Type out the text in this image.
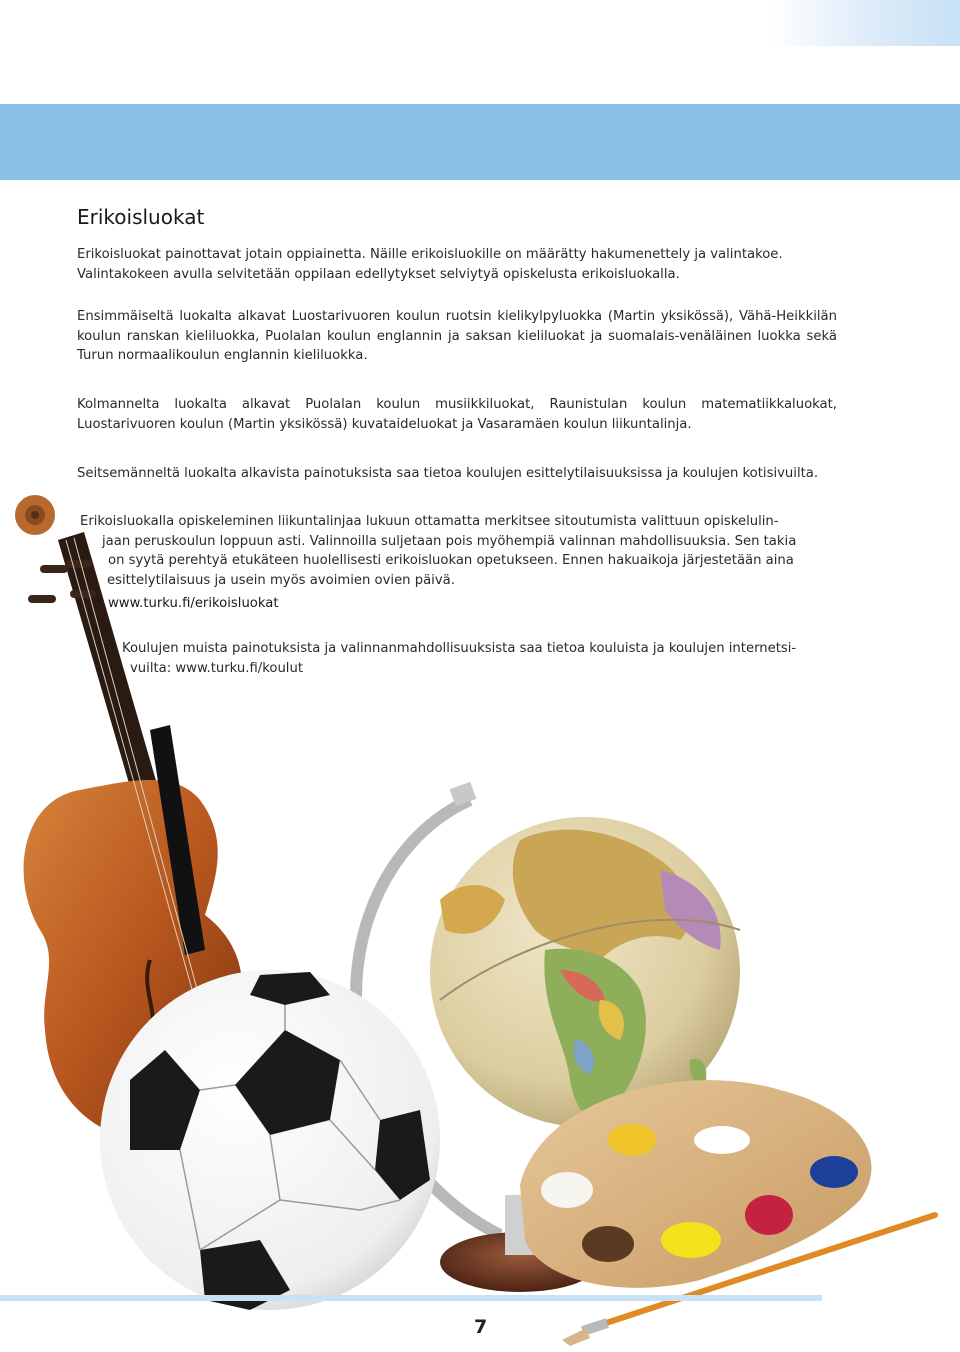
Erikoisluokat

Erikoisluokat painottavat jotain oppiainetta. Näille erikoisluokille on määrätty hakumenettely ja valintakoe. Valintakokeen avulla selvitetään oppilaan edellytykset selviytyä opiskelusta erikoisluokalla.

Ensimmäiseltä luokalta alkavat Luostarivuoren koulun ruotsin kielikylpyluokka (Martin yksikössä), Vähä-Heikkilän koulun ranskan kieliluokka, Puolalan koulun englannin ja saksan kieliluokat ja suomalais-venäläinen luokka sekä Turun normaalikoulun englannin kieliluokka.

Kolmannelta luokalta alkavat Puolalan koulun musiikkiluokat, Raunistulan koulun matematiikkaluokat, Luostarivuoren koulun (Martin yksikössä) kuvataideluokat ja Vasaramäen koulun liikuntalinja.

Seitsemänneltä luokalta alkavista painotuksista saa tietoa koulujen esittelytilaisuuksissa ja koulujen kotisivuilta.

Erikoisluokalla opiskeleminen liikuntalinjaa lukuun ottamatta merkitsee sitoutumista valittuun opiskelulin-
jaan peruskoulun loppuun asti. Valinnoilla suljetaan pois myöhempiä valinnan mahdollisuuksia. Sen takia
on syytä perehtyä etukäteen huolellisesti erikoisluokan opetukseen. Ennen hakuaikoja järjestetään aina
esittelytilaisuus ja usein myös avoimien ovien päivä.

www.turku.fi/erikoisluokat

Koulujen muista painotuksista ja valinnanmahdollisuuksista saa tietoa kouluista ja koulujen internetsi-
vuilta: www.turku.fi/koulut

7
